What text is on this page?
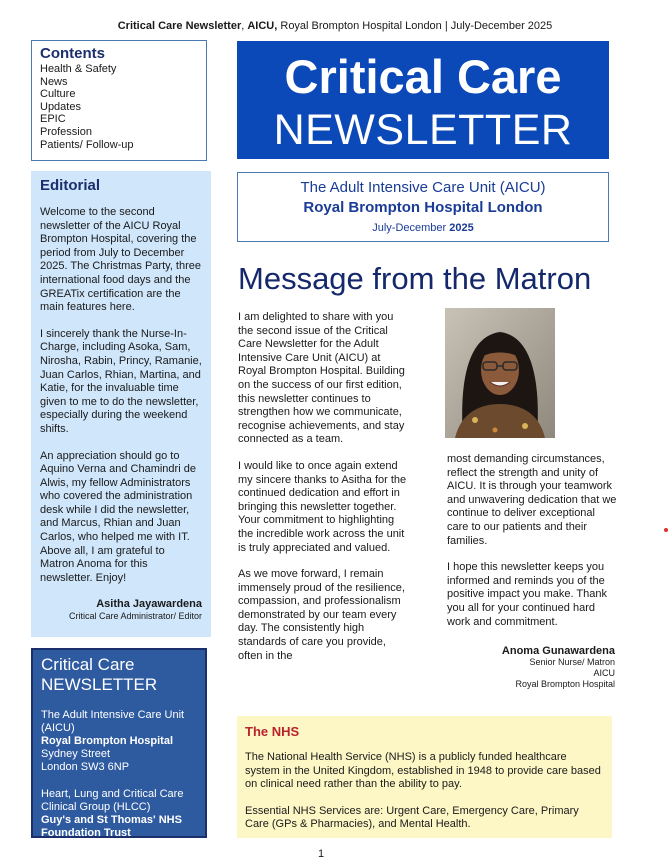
Critical Care Newsletter, AICU, Royal Brompton Hospital London | July-December 2025
Contents
Health & Safety
News
Culture
Updates
EPIC
Profession
Patients/ Follow-up
Editorial

Welcome to the second newsletter of the AICU Royal Brompton Hospital, covering the period from July to December 2025. The Christmas Party, three international food days and the GREATix certification are the main features here.

I sincerely thank the Nurse-In-Charge, including Asoka, Sam, Nirosha, Rabin, Princy, Ramanie, Juan Carlos, Rhian, Martina, and Katie, for the invaluable time given to me to do the newsletter, especially during the weekend shifts.

An appreciation should go to Aquino Verna and Chamindri de Alwis, my fellow Administrators who covered the administration desk while I did the newsletter, and Marcus, Rhian and Juan Carlos, who helped me with IT. Above all, I am grateful to Matron Anoma for this newsletter. Enjoy!

Asitha Jayawardena
Critical Care Administrator/ Editor
Critical Care
NEWSLETTER

The Adult Intensive Care Unit (AICU)

Royal Brompton Hospital

Sydney Street

London SW3 6NP

Heart, Lung and Critical Care Clinical Group (HLCC)

Guy's and St Thomas' NHS Foundation Trust

Critical Care
NEWSLETTER
The Adult Intensive Care Unit (AICU)
Royal Brompton Hospital London
July-December 2025
Message from the Matron

I am delighted to share with you the second issue of the Critical Care Newsletter for the Adult Intensive Care Unit (AICU) at Royal Brompton Hospital. Building on the success of our first edition, this newsletter continues to strengthen how we communicate, recognise achievements, and stay connected as a team.

I would like to once again extend my sincere thanks to Asitha for the continued dedication and effort in bringing this newsletter together. Your commitment to highlighting the incredible work across the unit is truly appreciated and valued.

As we move forward, I remain immensely proud of the resilience, compassion, and professionalism demonstrated by our team every day. The consistently high standards of care you provide, often in the

most demanding circumstances, reflect the strength and unity of AICU. It is through your teamwork and unwavering dedication that we continue to deliver exceptional care to our patients and their families.

I hope this newsletter keeps you informed and reminds you of the positive impact you make. Thank you all for your continued hard work and commitment.

Anoma Gunawardena
Senior Nurse/ Matron
AICU
Royal Brompton Hospital
The NHS

The National Health Service (NHS) is a publicly funded healthcare system in the United Kingdom, established in 1948 to provide care based on clinical need rather than the ability to pay.

Essential NHS Services are: Urgent Care, Emergency Care, Primary Care (GPs & Pharmacies), and Mental Health.

1
